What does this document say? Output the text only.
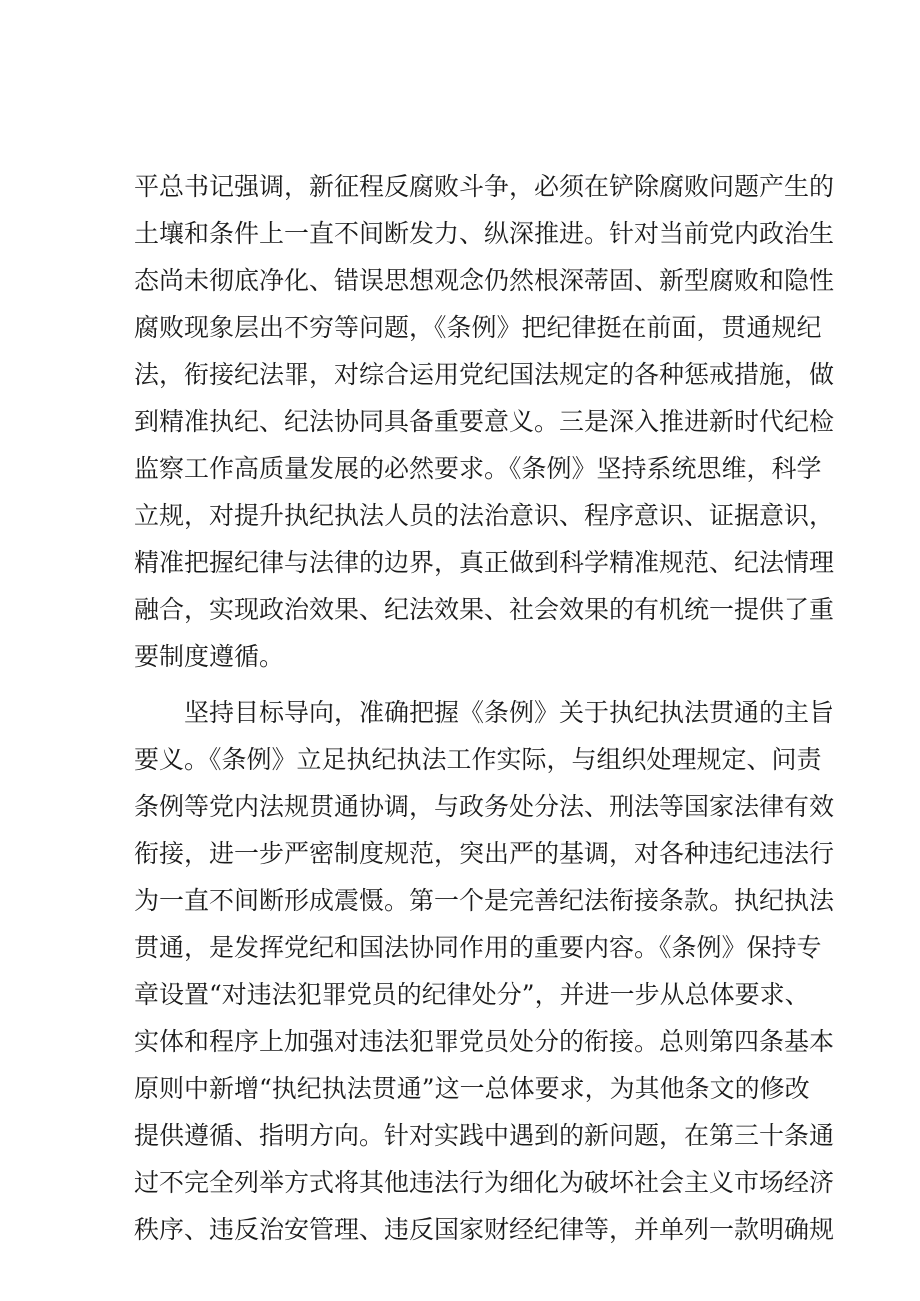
平总书记强调，新征程反腐败斗争，必须在铲除腐败问题产生的
土壤和条件上一直不间断发力、纵深推进。针对当前党内政治生
态尚未彻底净化、错误思想观念仍然根深蒂固、新型腐败和隐性
腐败现象层出不穷等问题，《条例》把纪律挺在前面，贯通规纪
法，衔接纪法罪，对综合运用党纪国法规定的各种惩戒措施，做
到精准执纪、纪法协同具备重要意义。三是深入推进新时代纪检
监察工作高质量发展的必然要求。《条例》坚持系统思维，科学
立规，对提升执纪执法人员的法治意识、程序意识、证据意识，
精准把握纪律与法律的边界，真正做到科学精准规范、纪法情理
融合，实现政治效果、纪法效果、社会效果的有机统一提供了重
要制度遵循。
坚持目标导向，准确把握《条例》关于执纪执法贯通的主旨
要义。《条例》立足执纪执法工作实际，与组织处理规定、问责
条例等党内法规贯通协调，与政务处分法、刑法等国家法律有效
衔接，进一步严密制度规范，突出严的基调，对各种违纪违法行
为一直不间断形成震慑。第一个是完善纪法衔接条款。执纪执法
贯通，是发挥党纪和国法协同作用的重要内容。《条例》保持专
章设置“对违法犯罪党员的纪律处分”，并进一步从总体要求、
实体和程序上加强对违法犯罪党员处分的衔接。总则第四条基本
原则中新增“执纪执法贯通”这一总体要求，为其他条文的修改
提供遵循、指明方向。针对实践中遇到的新问题，在第三十条通
过不完全列举方式将其他违法行为细化为破坏社会主义市场经济
秩序、违反治安管理、违反国家财经纪律等，并单列一款明确规
